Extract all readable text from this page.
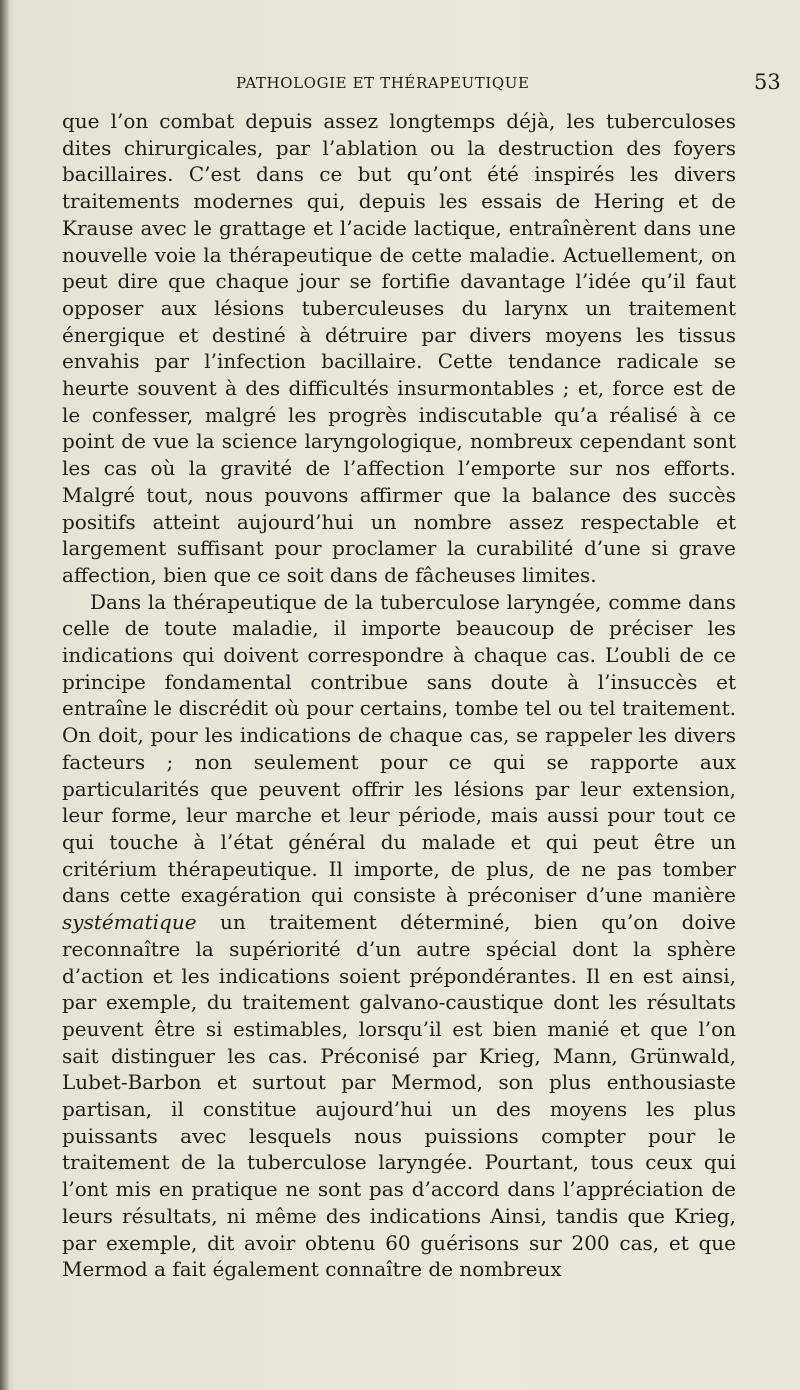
PATHOLOGIE ET THÉRAPEUTIQUE	53

que l’on combat depuis assez longtemps déjà, les tuberculoses dites chirurgicales, par l’ablation ou la destruction des foyers bacillaires. C’est dans ce but qu’ont été inspirés les divers traitements modernes qui, depuis les essais de Hering et de Krause avec le grattage et l’acide lactique, entraînèrent dans une nouvelle voie la thérapeutique de cette maladie. Actuellement, on peut dire que chaque jour se fortifie davantage l’idée qu’il faut opposer aux lésions tuberculeuses du larynx un traitement énergique et destiné à détruire par divers moyens les tissus envahis par l’infection bacillaire. Cette tendance radicale se heurte souvent à des difficultés insurmontables ; et, force est de le confesser, malgré les progrès indiscutable qu’a réalisé à ce point de vue la science laryngologique, nombreux cependant sont les cas où la gravité de l’affection l’emporte sur nos efforts. Malgré tout, nous pouvons affirmer que la balance des succès positifs atteint aujourd’hui un nombre assez respectable et largement suffisant pour proclamer la curabilité d’une si grave affection, bien que ce soit dans de fâcheuses limites.

Dans la thérapeutique de la tuberculose laryngée, comme dans celle de toute maladie, il importe beaucoup de préciser les indications qui doivent correspondre à chaque cas. L’oubli de ce principe fondamental contribue sans doute à l’insuccès et entraîne le discrédit où pour certains, tombe tel ou tel traitement. On doit, pour les indications de chaque cas, se rappeler les divers facteurs ; non seulement pour ce qui se rapporte aux particularités que peuvent offrir les lésions par leur extension, leur forme, leur marche et leur période, mais aussi pour tout ce qui touche à l’état général du malade et qui peut être un critérium thérapeutique. Il importe, de plus, de ne pas tomber dans cette exagération qui consiste à préconiser d’une manière systématique un traitement déterminé, bien qu’on doive reconnaître la supériorité d’un autre spécial dont la sphère d’action et les indications soient prépondérantes. Il en est ainsi, par exemple, du traitement galvano-caustique dont les résultats peuvent être si estimables, lorsqu’il est bien manié et que l’on sait distinguer les cas. Préconisé par Krieg, Mann, Grünwald, Lubet-Barbon et surtout par Mermod, son plus enthousiaste partisan, il constitue aujourd’hui un des moyens les plus puissants avec lesquels nous puissions compter pour le traitement de la tuberculose laryngée. Pourtant, tous ceux qui l’ont mis en pratique ne sont pas d’accord dans l’appréciation de leurs résultats, ni même des indications Ainsi, tandis que Krieg, par exemple, dit avoir obtenu 60 guérisons sur 200 cas, et que Mermod a fait également connaître de nombreux
